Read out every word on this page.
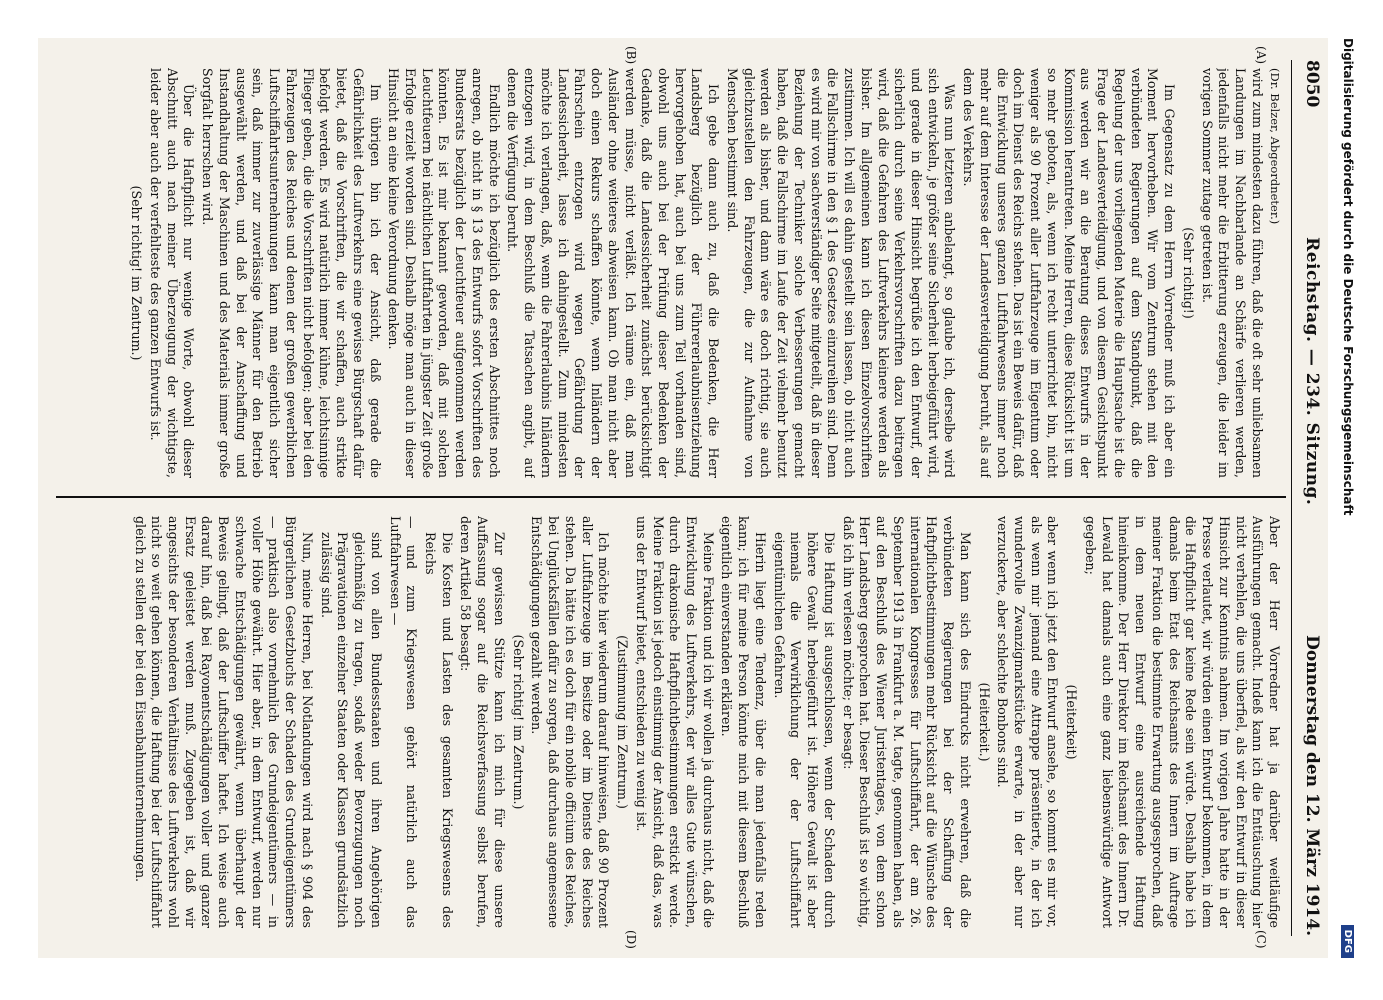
Digitalisierung gefördert durch die Deutsche Forschungsgemeinschaft
DFG
8050
Reichstag. — 234. Sitzung.
Donnerstag den 12. März 1914.
(A)
(B)
(C)
(D)

(Dr. Belzer, Abgeordneter.)

wird zum mindesten dazu führen, daß die oft sehr unliebsamen Landungen im Nachbarlande an Schärfe verlieren werden, jedenfalls nicht mehr die Erbitterung erzeugen, die leider im vorigen Sommer zutage getreten ist.

(Sehr richtig!)

Im Gegensatz zu dem Herrn Vorredner muß ich aber ein Moment hervorheben. Wir vom Zentrum stehen mit den verbündeten Regierungen auf dem Standpunkt, daß die Regelung der uns vorliegenden Materie die Hauptsache ist die Frage der Landesverteidigung, und von diesem Gesichtspunkt aus werden wir an die Beratung dieses Entwurfs in der Kommission herantreten. Meine Herren, diese Rücksicht ist um so mehr geboten, als, wenn ich recht unterrichtet bin, nicht weniger als 90 Prozent aller Luftfahrzeuge im Eigentum oder doch im Dienst des Reichs stehen. Das ist ein Beweis dafür, daß die Entwicklung unseres ganzen Luftfahrwesens immer noch mehr auf dem Interesse der Landesverteidigung beruht, als auf dem des Verkehrs.

Was nun letzteren anbelangt, so glaube ich, derselbe wird sich entwickeln, je größer seine Sicherheit herbeigeführt wird, und gerade in dieser Hinsicht begrüße ich den Entwurf, der sicherlich durch seine Verkehrsvorschriften dazu beitragen wird, daß die Gefahren des Luftverkehrs kleinere werden als bisher. Im allgemeinen kann ich diesen Einzelvorschriften zustimmen. Ich will es dahin gestellt sein lassen, ob nicht auch die Fallschirme in den § 1 des Gesetzes einzureihen sind. Denn es wird mir von sachverständiger Seite mitgeteilt, daß in dieser Beziehung der Techniker solche Verbesserungen gemacht haben, daß die Fallschirme im Laufe der Zeit vielmehr benutzt werden als bisher, und dann wäre es doch richtig, sie auch gleichzustellen den Fahrzeugen, die zur Aufnahme von Menschen bestimmt sind.

Ich gebe dann auch zu, daß die Bedenken, die Herr Landsberg bezüglich der Führererlaubnisentziehung hervorgehoben hat, auch bei uns zum Teil vorhanden sind, obwohl uns auch bei der Prüfung dieser Bedenken der Gedanke, daß die Landessicherheit zunächst berücksichtigt werden müsse, nicht verläßt. Ich räume ein, daß man Ausländer ohne weiteres abweisen kann. Ob man nicht aber doch einen Rekurs schaffen könnte, wenn Inländern der Fahrschein entzogen wird wegen Gefährdung der Landessicherheit, lasse ich dahingestellt. Zum mindesten möchte ich verlangen, daß, wenn die Fahrerlaubnis Inländern entzogen wird, in dem Beschluß die Tatsachen angibt, auf denen die Verfügung beruht.

Endlich möchte ich bezüglich des ersten Abschnittes noch anregen, ob nicht in § 13 des Entwurfs sofort Vorschriften des Bundesrats bezüglich der Leuchtfeuer aufgenommen werden könnten. Es ist mir bekannt geworden, daß mit solchen Leuchtfeuern bei nächtlichen Luftfahrten in jüngster Zeit große Erfolge erzielt worden sind. Deshalb möge man auch in dieser Hinsicht an eine kleine Verordnung denken.

Im übrigen bin ich der Ansicht, daß gerade die Gefährlichkeit des Luftverkehrs eine gewisse Bürgschaft dafür bietet, daß die Vorschriften, die wir schaffen, auch strikte befolgt werden. Es wird natürlich immer kühne, leichtsinnige Flieger geben, die die Vorschriften nicht befolgen; aber bei den Fahrzeugen des Reiches und denen der großen gewerblichen Luftschiffahrtsunternehmungen kann man eigentlich sicher sein, daß immer zur zuverlässige Männer für den Betrieb ausgewählt werden, und daß bei der Anschaffung und Instandhaltung der Maschinen und des Materials immer große Sorgfalt herrschen wird.

Über die Haftpflicht nur wenige Worte, obwohl dieser Abschnitt auch nach meiner Überzeugung der wichtigste, leider aber auch der verfehlteste des ganzen Entwurfs ist.

(Sehr richtig! im Zentrum.)

Aber der Herr Vorredner hat ja darüber weitläufige Ausführungen gemacht. Indeß kann ich die Enttäuschung hier nicht verhehlen, die uns überfiel, als wir den Entwurf in dieser Hinsicht zur Kenntnis nahmen. Im vorigen Jahre hatte in der Presse verlautet, wir würden einen Entwurf bekommen, in dem die Haftpflicht gar keine Rede sein würde. Deshalb habe ich damals beim Etat des Reichsamts des Innern im Auftrage meiner Fraktion die bestimmte Erwartung ausgesprochen, daß in dem neuen Entwurf eine ausreichende Haftung hineinkomme. Der Herr Direktor im Reichsamt des Innern Dr. Lewald hat damals auch eine ganz liebenswürdige Antwort gegeben;

(Heiterkeit)

aber wenn ich jetzt den Entwurf ansehe, so kommt es mir vor, als wenn mir jemand eine Attrappe präsentierte, in der ich wundervolle Zwanzigmarkstücke erwarte, in der aber nur verzuckerte, aber schlechte Bonbons sind.

(Heiterkeit.)

Man kann sich des Eindrucks nicht erwehren, daß die verbündeten Regierungen bei der Schaffung der Haftpflichtbestimmungen mehr Rücksicht auf die Wünsche des internationalen Kongresses für Luftschiffahrt, der am 26. September 1913 in Frankfurt a. M. tagte, genommen haben, als auf den Beschluß des Wiener Juristentages, von dem schon Herr Landsberg gesprochen hat. Dieser Beschluß ist so wichtig, daß ich ihn verlesen möchte; er besagt:

Die Haftung ist ausgeschlossen, wenn der Schaden durch höhere Gewalt herbeigeführt ist. Höhere Gewalt ist aber niemals die Verwirklichung der der Luftschiffahrt eigentümlichen Gefahren.

Hierin liegt eine Tendenz, über die man jedenfalls reden kann; ich für meine Person könnte mich mit diesem Beschluß eigentlich einverstanden erklären.

Meine Fraktion und ich wir wollen ja durchaus nicht, daß die Entwicklung des Luftverkehrs, der wir alles Gute wünschen, durch drakonische Haftpflichtbestimmungen erstickt werde. Meine Fraktion ist jedoch einstimmig der Ansicht, daß das, was uns der Entwurf bietet, entschieden zu wenig ist.

(Zustimmung im Zentrum.)

Ich möchte hier wiederum darauf hinweisen, daß 90 Prozent aller Luftfahrzeuge im Besitze oder im Dienste des Reiches stehen. Da hätte ich es doch für ein nobile officium des Reiches, bei Unglücksfällen dafür zu sorgen, daß durchaus angemessene Entschädigungen gezahlt werden.

(Sehr richtig! im Zentrum.)

Zur gewissen Stütze kann ich mich für diese unsere Auffassung sogar auf die Reichsverfassung selbst berufen, deren Artikel 58 besagt:

Die Kosten und Lasten des gesamten Kriegswesens des Reichs

— und zum Kriegswesen gehört natürlich auch das Luftfahrwesen —

sind von allen Bundesstaaten und ihren Angehörigen gleichmäßig zu tragen, sodaß weder Bevorzugungen noch Prägravationen einzelner Staaten oder Klassen grundsätzlich zulässig sind.

Nun, meine Herren, bei Notlandungen wird nach § 904 des Bürgerlichen Gesetzbuchs der Schaden des Grundeigentümers — praktisch also vornehmlich des Grundeigentümers — in voller Höhe gewährt. Hier aber, in dem Entwurf, werden nur schwache Entschädigungen gewährt, wenn überhaupt der Beweis gelingt, daß der Luftschiffer haftet. Ich weise auch darauf hin, daß bei Rayonentschädigungen voller und ganzer Ersatz geleistet werden muß. Zugegeben ist, daß wir angesichts der besonderen Verhältnisse des Luftverkehrs wohl nicht so weit gehen können, die Haftung bei der Luftschiffahrt gleich zu stellen der bei den Eisenbahnunternehmungen.
